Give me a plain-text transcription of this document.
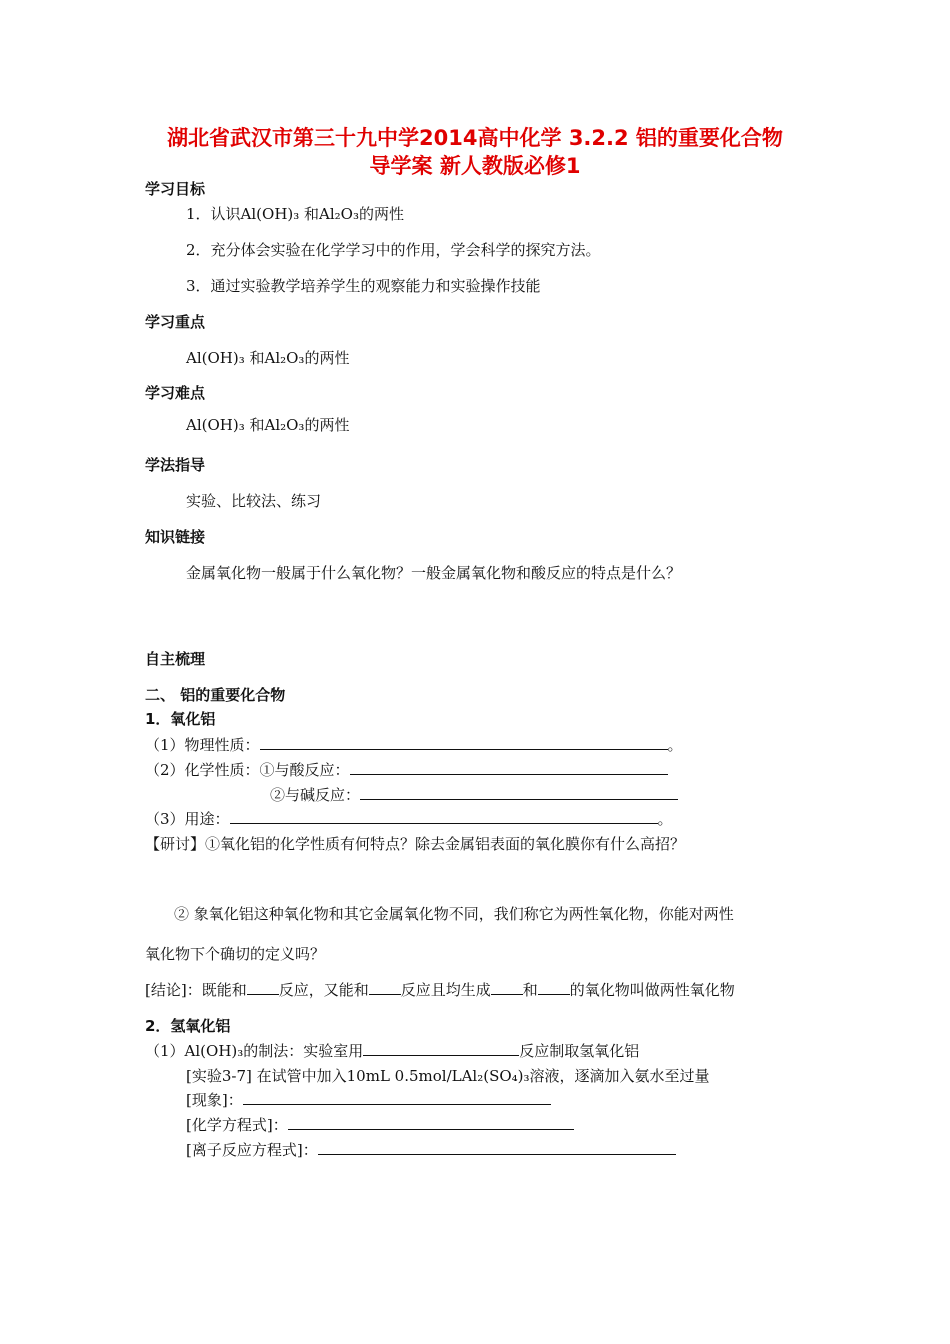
湖北省武汉市第三十九中学2014高中化学 3.2.2 铝的重要化合物
导学案 新人教版必修1
学习目标
1．认识Al(OH)₃ 和Al₂O₃的两性
2．充分体会实验在化学学习中的作用，学会科学的探究方法。
3．通过实验教学培养学生的观察能力和实验操作技能
学习重点
Al(OH)₃ 和Al₂O₃的两性
学习难点
Al(OH)₃ 和Al₂O₃的两性
学法指导
实验、比较法、练习
知识链接
金属氧化物一般属于什么氧化物？一般金属氧化物和酸反应的特点是什么？
自主梳理
二、 铝的重要化合物
1．氧化铝
（1）物理性质：	。
（2）化学性质：①与酸反应：
②与碱反应：
（3）用途：	。
【研讨】①氧化铝的化学性质有何特点？除去金属铝表面的氧化膜你有什么高招？
② 象氧化铝这种氧化物和其它金属氧化物不同，我们称它为两性氧化物，你能对两性
氧化物下个确切的定义吗？
[结论]：既能和 反应，又能和 反应且均生成 和 的氧化物叫做两性氧化物
2．氢氧化铝
（1）Al(OH)₃的制法：实验室用	反应制取氢氧化铝
[实验3-7] 在试管中加入10mL 0.5mol/LAl₂(SO₄)₃溶液，逐滴加入氨水至过量
[现象]：
[化学方程式]：
[离子反应方程式]：
